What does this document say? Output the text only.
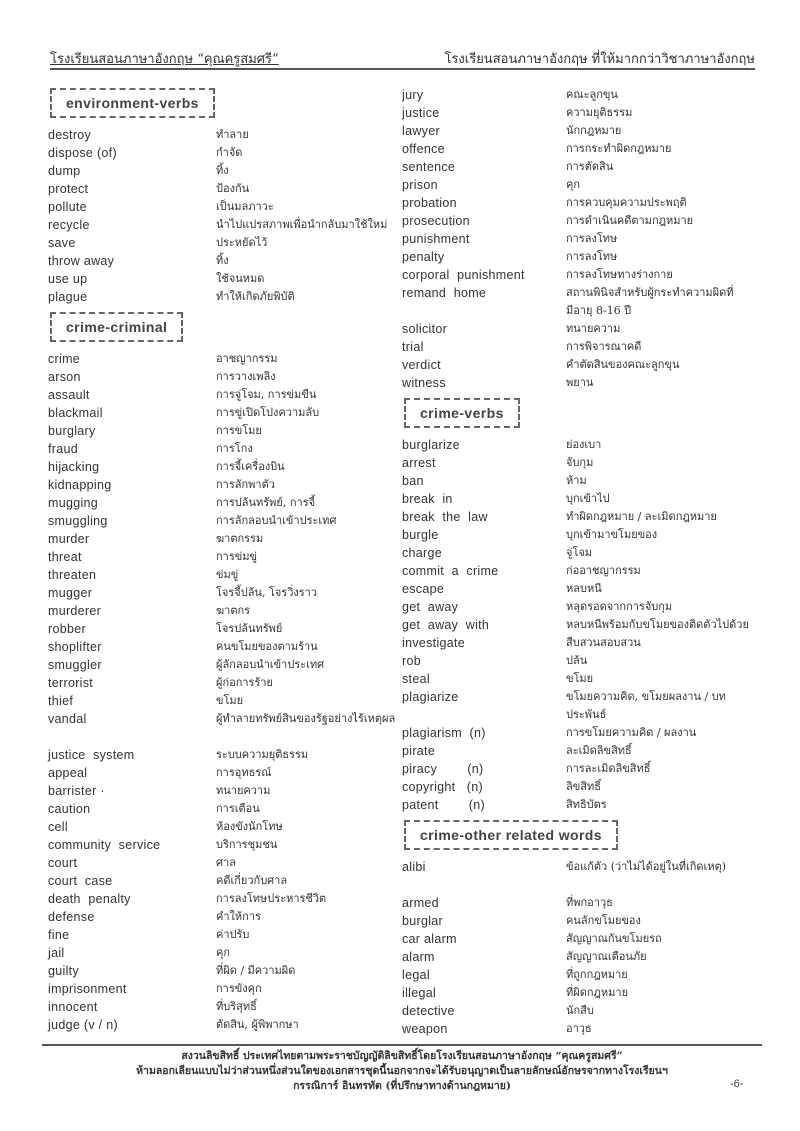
โรงเรียนสอนภาษาอังกฤษ “คุณครูสมศรี”	โรงเรียนสอนภาษาอังกฤษ ที่ให้มากกว่าวิชาภาษาอังกฤษ
environment-verbs
destroy	ทำลาย
dispose (of)	กำจัด
dump	ทิ้ง
protect	ป้องกัน
pollute	เป็นมลภาวะ
recycle	นำไปแปรสภาพเพื่อนำกลับมาใช้ใหม่
save	ประหยัดไว้
throw away	ทิ้ง
use up	ใช้จนหมด
plague	ทำให้เกิดภัยพิบัติ
crime-criminal
crime	อาชญากรรม
arson	การวางเพลิง
assault	การจู่โจม, การข่มขืน
blackmail	การขู่เปิดโปงความลับ
burglary	การขโมย
fraud	การโกง
hijacking	การจี้เครื่องบิน
kidnapping	การลักพาตัว
mugging	การปล้นทรัพย์, การจี้
smuggling	การลักลอบนำเข้าประเทศ
murder	ฆาตกรรม
threat	การข่มขู่
threaten	ข่มขู่
mugger	โจรจี้ปล้น, โจรวิ่งราว
murderer	ฆาตกร
robber	โจรปล้นทรัพย์
shoplifter	คนขโมยของตามร้าน
smuggler	ผู้ลักลอบนำเข้าประเทศ
terrorist	ผู้ก่อการร้าย
thief	ขโมย
vandal	ผู้ทำลายทรัพย์สินของรัฐอย่างไร้เหตุผล
justice  system	ระบบความยุติธรรม
appeal	การอุทธรณ์
barrister ·	ทนายความ
caution	การเตือน
cell	ห้องขังนักโทษ
community  service	บริการชุมชน
court	ศาล
court  case	คดีเกี่ยวกับศาล
death  penalty	การลงโทษประหารชีวิต
defense	คำให้การ
fine	ค่าปรับ
jail	คุก
guilty	ที่ผิด / มีความผิด
imprisonment	การขังคุก
innocent	ที่บริสุทธิ์
judge (v / n)	ตัดสิน, ผู้พิพากษา
jury	คณะลูกขุน
justice	ความยุติธรรม
lawyer	นักกฎหมาย
offence	การกระทำผิดกฎหมาย
sentence	การตัดสิน
prison	คุก
probation	การควบคุมความประพฤติ
prosecution	การดำเนินคดีตามกฎหมาย
punishment	การลงโทษ
penalty	การลงโทษ
corporal  punishment	การลงโทษทางร่างกาย
remand  home	สถานพินิจสำหรับผู้กระทำความผิดที่มีอายุ 8-16 ปี
solicitor	ทนายความ
trial	การพิจารณาคดี
verdict	คำตัดสินของคณะลูกขุน
witness	พยาน
crime-verbs
burglarize	ย่องเบา
arrest	จับกุม
ban	ห้าม
break  in	บุกเข้าไป
break  the  law	ทำผิดกฎหมาย / ละเมิดกฎหมาย
burgle	บุกเข้ามาขโมยของ
charge	จู่โจม
commit  a  crime	ก่ออาชญากรรม
escape	หลบหนี
get  away	หลุดรอดจากการจับกุม
get  away  with	หลบหนีพร้อมกับขโมยของติดตัวไปด้วย
investigate	สืบสวนสอบสวน
rob	ปล้น
steal	ขโมย
plagiarize	ขโมยความคิด, ขโมยผลงาน / บทประพันธ์
plagiarism  (n)	การขโมยความคิด / ผลงาน
pirate	ละเมิดลิขสิทธิ์
piracy        (n)	การละเมิดลิขสิทธิ์
copyright   (n)	ลิขสิทธิ์
patent        (n)	สิทธิบัตร
crime-other related words
alibi	ข้อแก้ตัว (ว่าไม่ได้อยู่ในที่เกิดเหตุ)
armed	ที่พกอาวุธ
burglar	คนลักขโมยของ
car alarm	สัญญาณกันขโมยรถ
alarm	สัญญาณเตือนภัย
legal	ที่ถูกกฎหมาย
illegal	ที่ผิดกฎหมาย
detective	นักสืบ
weapon	อาวุธ
สงวนลิขสิทธิ์ ประเทศไทยตามพระราชบัญญัติลิขสิทธิ์โดยโรงเรียนสอนภาษาอังกฤษ “คุณครูสมศรี”
ห้ามลอกเลียนแบบไม่ว่าส่วนหนึ่งส่วนใดของเอกสารชุดนี้นอกจากจะได้รับอนุญาตเป็นลายลักษณ์อักษรจากทางโรงเรียนฯ
กรรณิการ์ อินทรทัต (ที่ปรึกษาทางด้านกฎหมาย)	-6-
